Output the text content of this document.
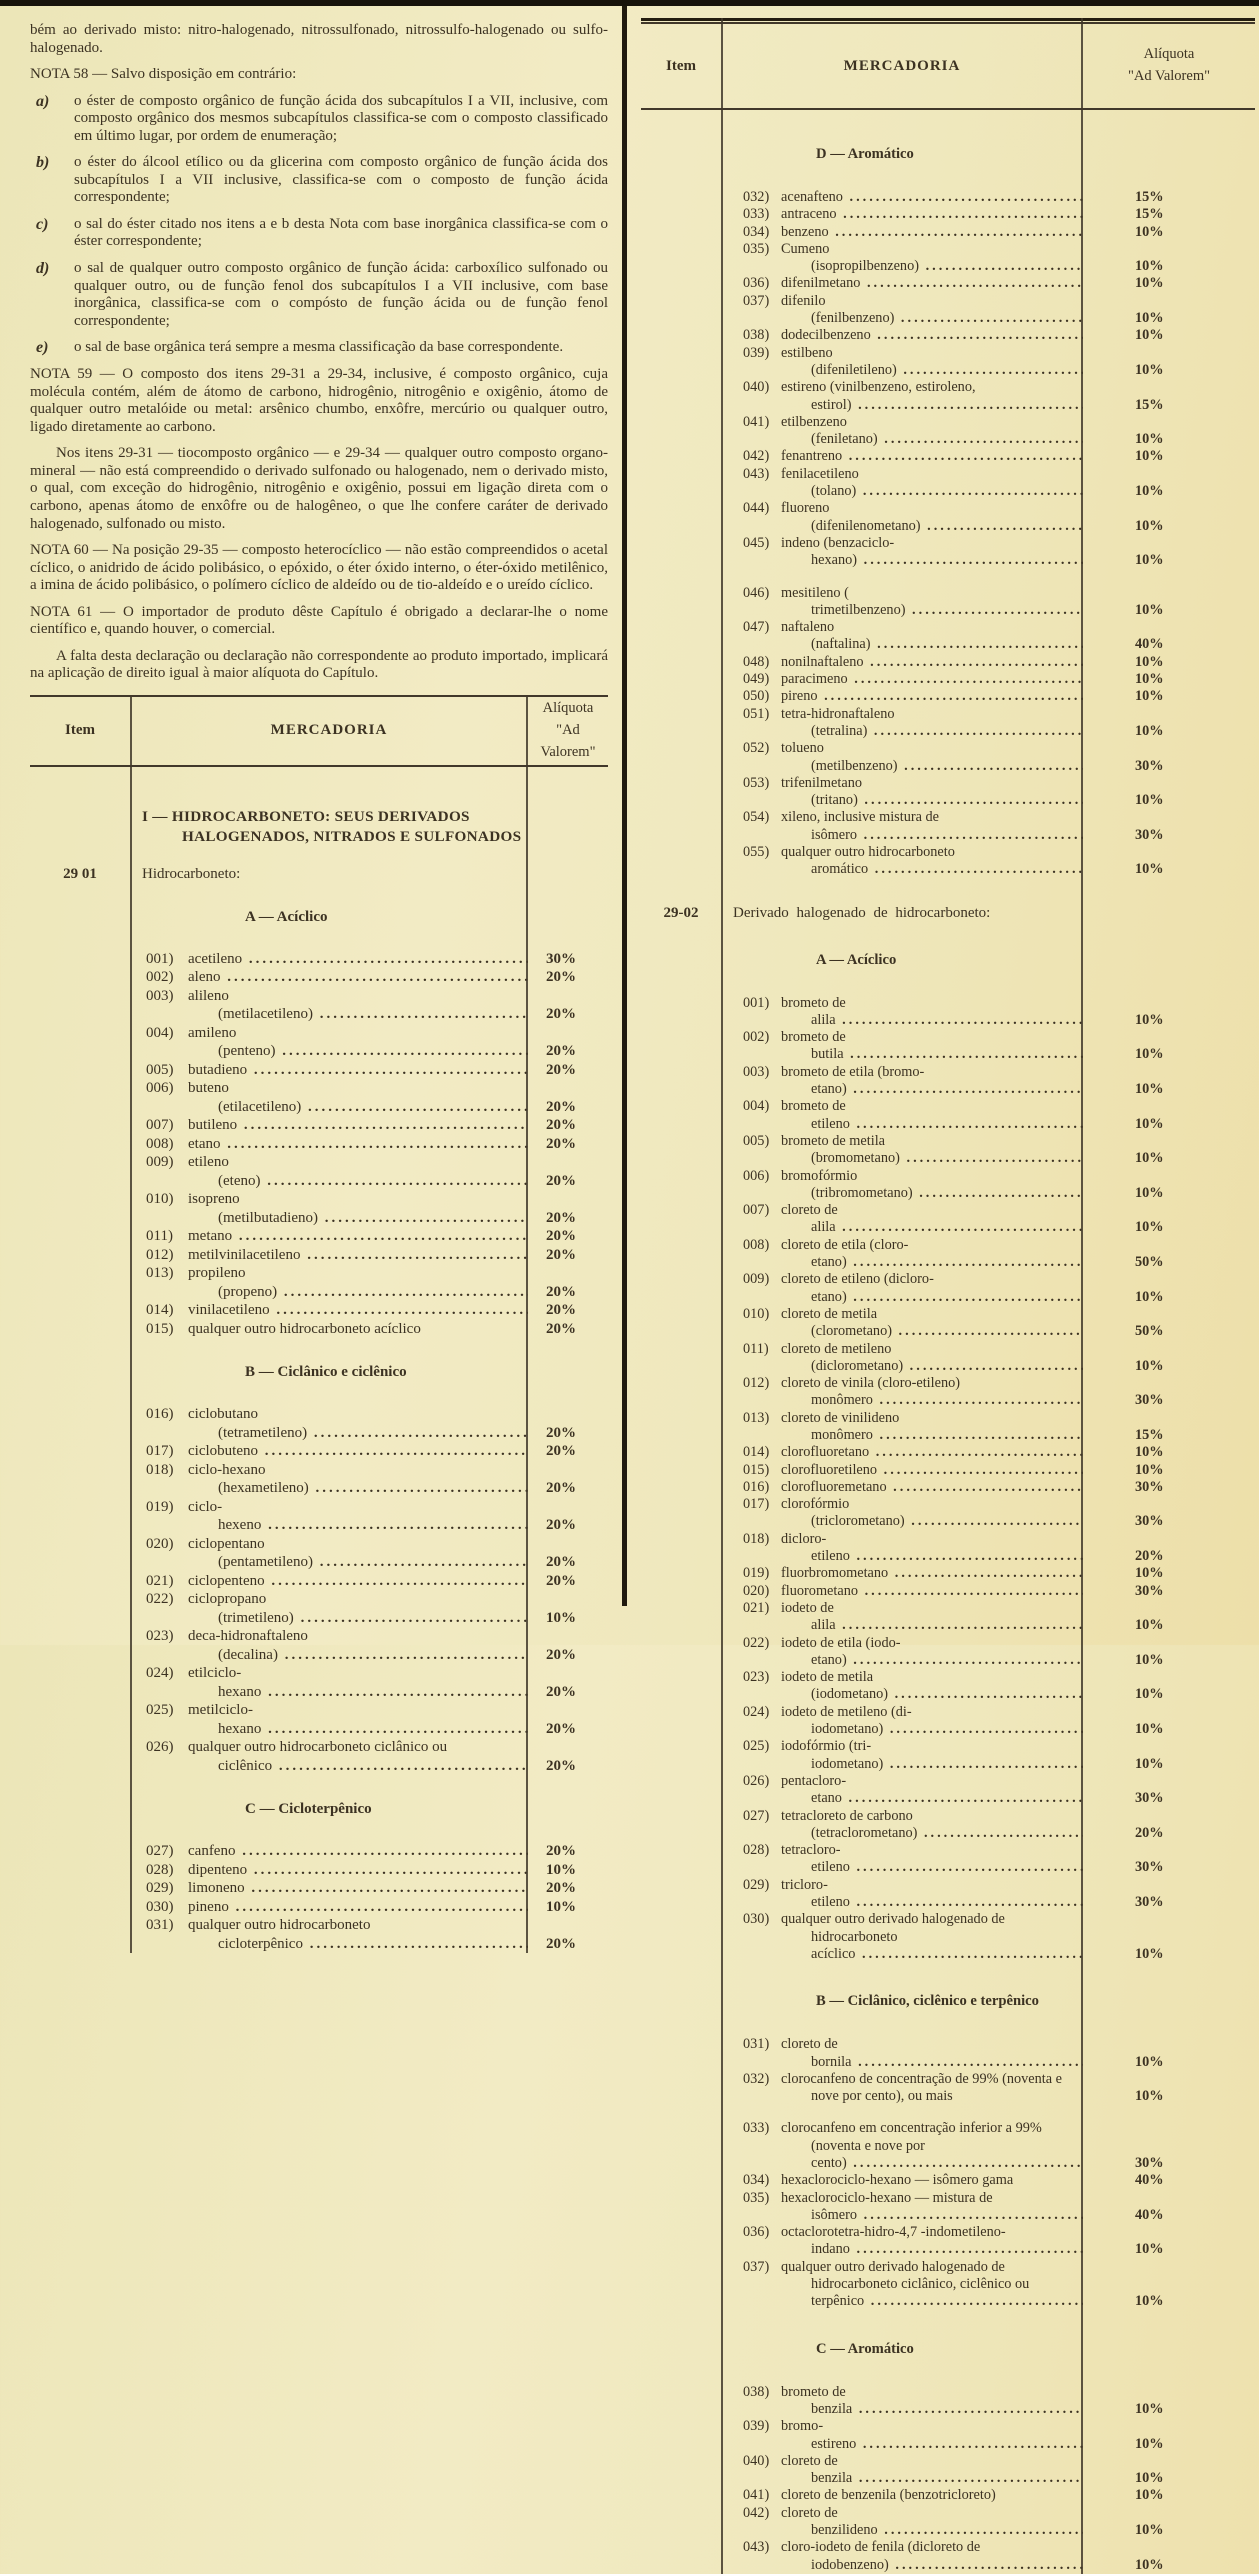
bém ao derivado misto: nitro-halogenado, nitrossulfonado, nitrossulfo-halogenado ou sulfo-halogenado.

NOTA 58 — Salvo disposição em contrário:

a)	o éster de composto orgânico de função ácida dos subcapítulos I a VII, inclusive, com composto orgânico dos mesmos subcapítulos classifica-se com o composto classificado em último lugar, por ordem de enumeração;
b)	o éster do álcool etílico ou da glicerina com composto orgânico de função ácida dos subcapítulos I a VII inclusive, classifica-se com o composto de função ácida correspondente;
c)	o sal do éster citado nos itens a e b desta Nota com base inorgânica classifica-se com o éster correspondente;
d)	o sal de qualquer outro composto orgânico de função ácida: carboxílico sulfonado ou qualquer outro, ou de função fenol dos subcapítulos I a VII inclusive, com base inorgânica, classifica-se com o compósto de função ácida ou de função fenol correspondente;
e)	o sal de base orgânica terá sempre a mesma classificação da base correspondente.

NOTA 59 — O composto dos itens 29-31 a 29-34, inclusive, é composto orgânico, cuja molécula contém, além de átomo de carbono, hidrogênio, nitrogênio e oxigênio, átomo de qualquer outro metalóide ou metal: arsênico chumbo, enxôfre, mercúrio ou qualquer outro, ligado diretamente ao carbono.

Nos itens 29-31 — tiocomposto orgânico — e 29-34 — qualquer outro composto organo-mineral — não está compreendido o derivado sulfonado ou halogenado, nem o derivado misto, o qual, com exceção do hidrogênio, nitrogênio e oxigênio, possui em ligação direta com o carbono, apenas átomo de enxôfre ou de halogêneo, o que lhe confere caráter de derivado halogenado, sulfonado ou misto.

NOTA 60 — Na posição 29-35 — composto heterocíclico — não estão compreendidos o acetal cíclico, o anidrido de ácido polibásico, o epóxido, o éter óxido interno, o éter-óxido metilênico, a imina de ácido polibásico, o polímero cíclico de aldeído ou de tio-aldeído e o ureído cíclico.

NOTA 61 — O importador de produto dêste Capítulo é obrigado a declarar-lhe o nome científico e, quando houver, o comercial.

A falta desta declaração ou declaração não correspondente ao produto importado, implicará na aplicação de direito igual à maior alíquota do Capítulo.

Item	MERCADORIA
Alíquota
"Ad Valorem"
I — HIDROCARBONETO: SEUS DERIVADOS HALOGENADOS, NITRADOS E SULFONADOS
29 01	Hidrocarboneto:
A — Acíclico
001) acetileno .....	30%
002) aleno .....	20%
003) alileno (metilacetileno) .....	20%
004) amileno (penteno) .....	20%
005) butadieno .....	20%
006) buteno (etilacetileno) .....	20%
007) butileno .....	20%
008) etano .....	20%
009) etileno (eteno) .....	20%
010) isopreno (metilbutadieno) .....	20%
011)	metano .....	20%
012) metilvinilacetileno .....	20%
013) propileno (propeno) .....	20%
014) vinilacetileno .....	20%
015) qualquer outro hidrocarboneto acíclico	20%
B — Ciclânico e ciclênico
016) ciclobutano (tetrametileno) .....	20%
017) ciclobuteno .....	20%
018) ciclo-hexano (hexametileno) .....	20%
019) ciclo-hexeno .....	20%
020) ciclopentano (pentametileno) .....	20%
021) ciclopenteno .....	20%
022) ciclopropano (trimetileno) .....	10%
023) deca-hidronaftaleno (decalina) .....	20%
024) etilciclo-hexano .....	20%
025) metilciclo-hexano .....	20%
026) qualquer outro hidrocarboneto ciclânico ou ciclênico .....	20%
C — Cicloterpênico
027) canfeno .....	20%
028) dipenteno .....	10%
029) limoneno .....	20%
030) pineno .....	10%
031) qualquer outro hidrocarboneto cicloterpênico .....	20%
Item	MERCADORIA
Alíquota
"Ad Valorem"
D — Aromático
032) acenafteno .....	15%
033) antraceno .....	15%
034) benzeno .....	10%
035) Cumeno (isopropilbenzeno) .....	10%
036) difenilmetano .....	10%
037) difenilo (fenilbenzeno) .....	10%
038) dodecilbenzeno .....	10%
039) estilbeno (difeniletileno) .....	10%
040) estireno (vinilbenzeno, estiroleno, estirol) .....	15%
041) etilbenzeno (feniletano) .....	10%
042) fenantreno .....	10%
043) fenilacetileno (tolano) .....	10%
044) fluoreno (difenilenometano) .....	10%
045) indeno (benzaciclo-hexano) .....	10%
046) mesitileno ( trimetilbenzeno) .....	10%
047) naftaleno (naftalina) .....	40%
048) nonilnaftaleno .....	10%
049) paracimeno .....	10%
050) pireno .....	10%
051) tetra-hidronaftaleno (tetralina) .....	10%
052) tolueno (metilbenzeno) .....	30%
053) trifenilmetano (tritano) .....	10%
054) xileno, inclusive mistura de isômero .....	30%
055) qualquer outro hidrocarboneto aromático .....	10%
29-02	Derivado halogenado de hidrocarboneto:
A — Acíclico
001) brometo de alila .....	10%
002) brometo de butila .....	10%
003) brometo de etila (bromo-etano) .....	10%
004) brometo de etileno .....	10%
005) brometo de metila (bromometano) .....	10%
006) bromofórmio (tribromometano) .....	10%
007) cloreto de alila .....	10%
008) cloreto de etila (cloro-etano) .....	50%
009) cloreto de etileno (dicloro-etano) .....	10%
010) cloreto de metila (clorometano) .....	50%
011) cloreto de metileno (diclorometano) .....	10%
012) cloreto de vinila (cloro-etileno) monômero .....	30%
013) cloreto de vinilideno monômero .....	15%
014) clorofluoretano .....	10%
015) clorofluoretileno .....	10%
016) clorofluoremetano .....	30%
017) clorofórmio (triclorometano) .....	30%
018) dicloro-etileno .....	20%
019) fluorbromometano .....	10%
020) fluorometano .....	30%
021) iodeto de alila .....	10%
022) iodeto de etila (iodo-etano) .....	10%
023) iodeto de metila (iodometano) .....	10%
024) iodeto de metileno (di-iodometano) .....	10%
025) iodofórmio (tri-iodometano) .....	10%
026) pentacloro-etano .....	30%
027) tetracloreto de carbono (tetraclorometano) .....	20%
028) tetracloro-etileno .....	30%
029) tricloro-etileno .....	30%
030) qualquer outro derivado halogenado de hidrocarboneto acíclico .....	10%
B — Ciclânico, ciclênico e terpênico
031) cloreto de bornila .....	10%
032) clorocanfeno de concentração de 99% (noventa e nove por cento), ou mais	10%
033) clorocanfeno em concentração inferior a 99% (noventa e nove por cento) .....	30%
034) hexaclorociclo-hexano — isômero gama	40%
035) hexaclorociclo-hexano — mistura de isômero .....	40%
036) octaclorotetra-hidro-4,7 -indometileno-indano .....	10%
037) qualquer outro derivado halogenado de hidrocarboneto ciclânico, ciclênico ou terpênico .....	10%
C — Aromático
038) brometo de benzila .....	10%
039) bromo-estireno .....	10%
040) cloreto de benzila .....	10%
041) cloreto de benzenila (benzotricloreto)	10%
042) cloreto de benzilideno .....	10%
043) cloro-iodeto de fenila (dicloreto de iodobenzeno) .....	10%
